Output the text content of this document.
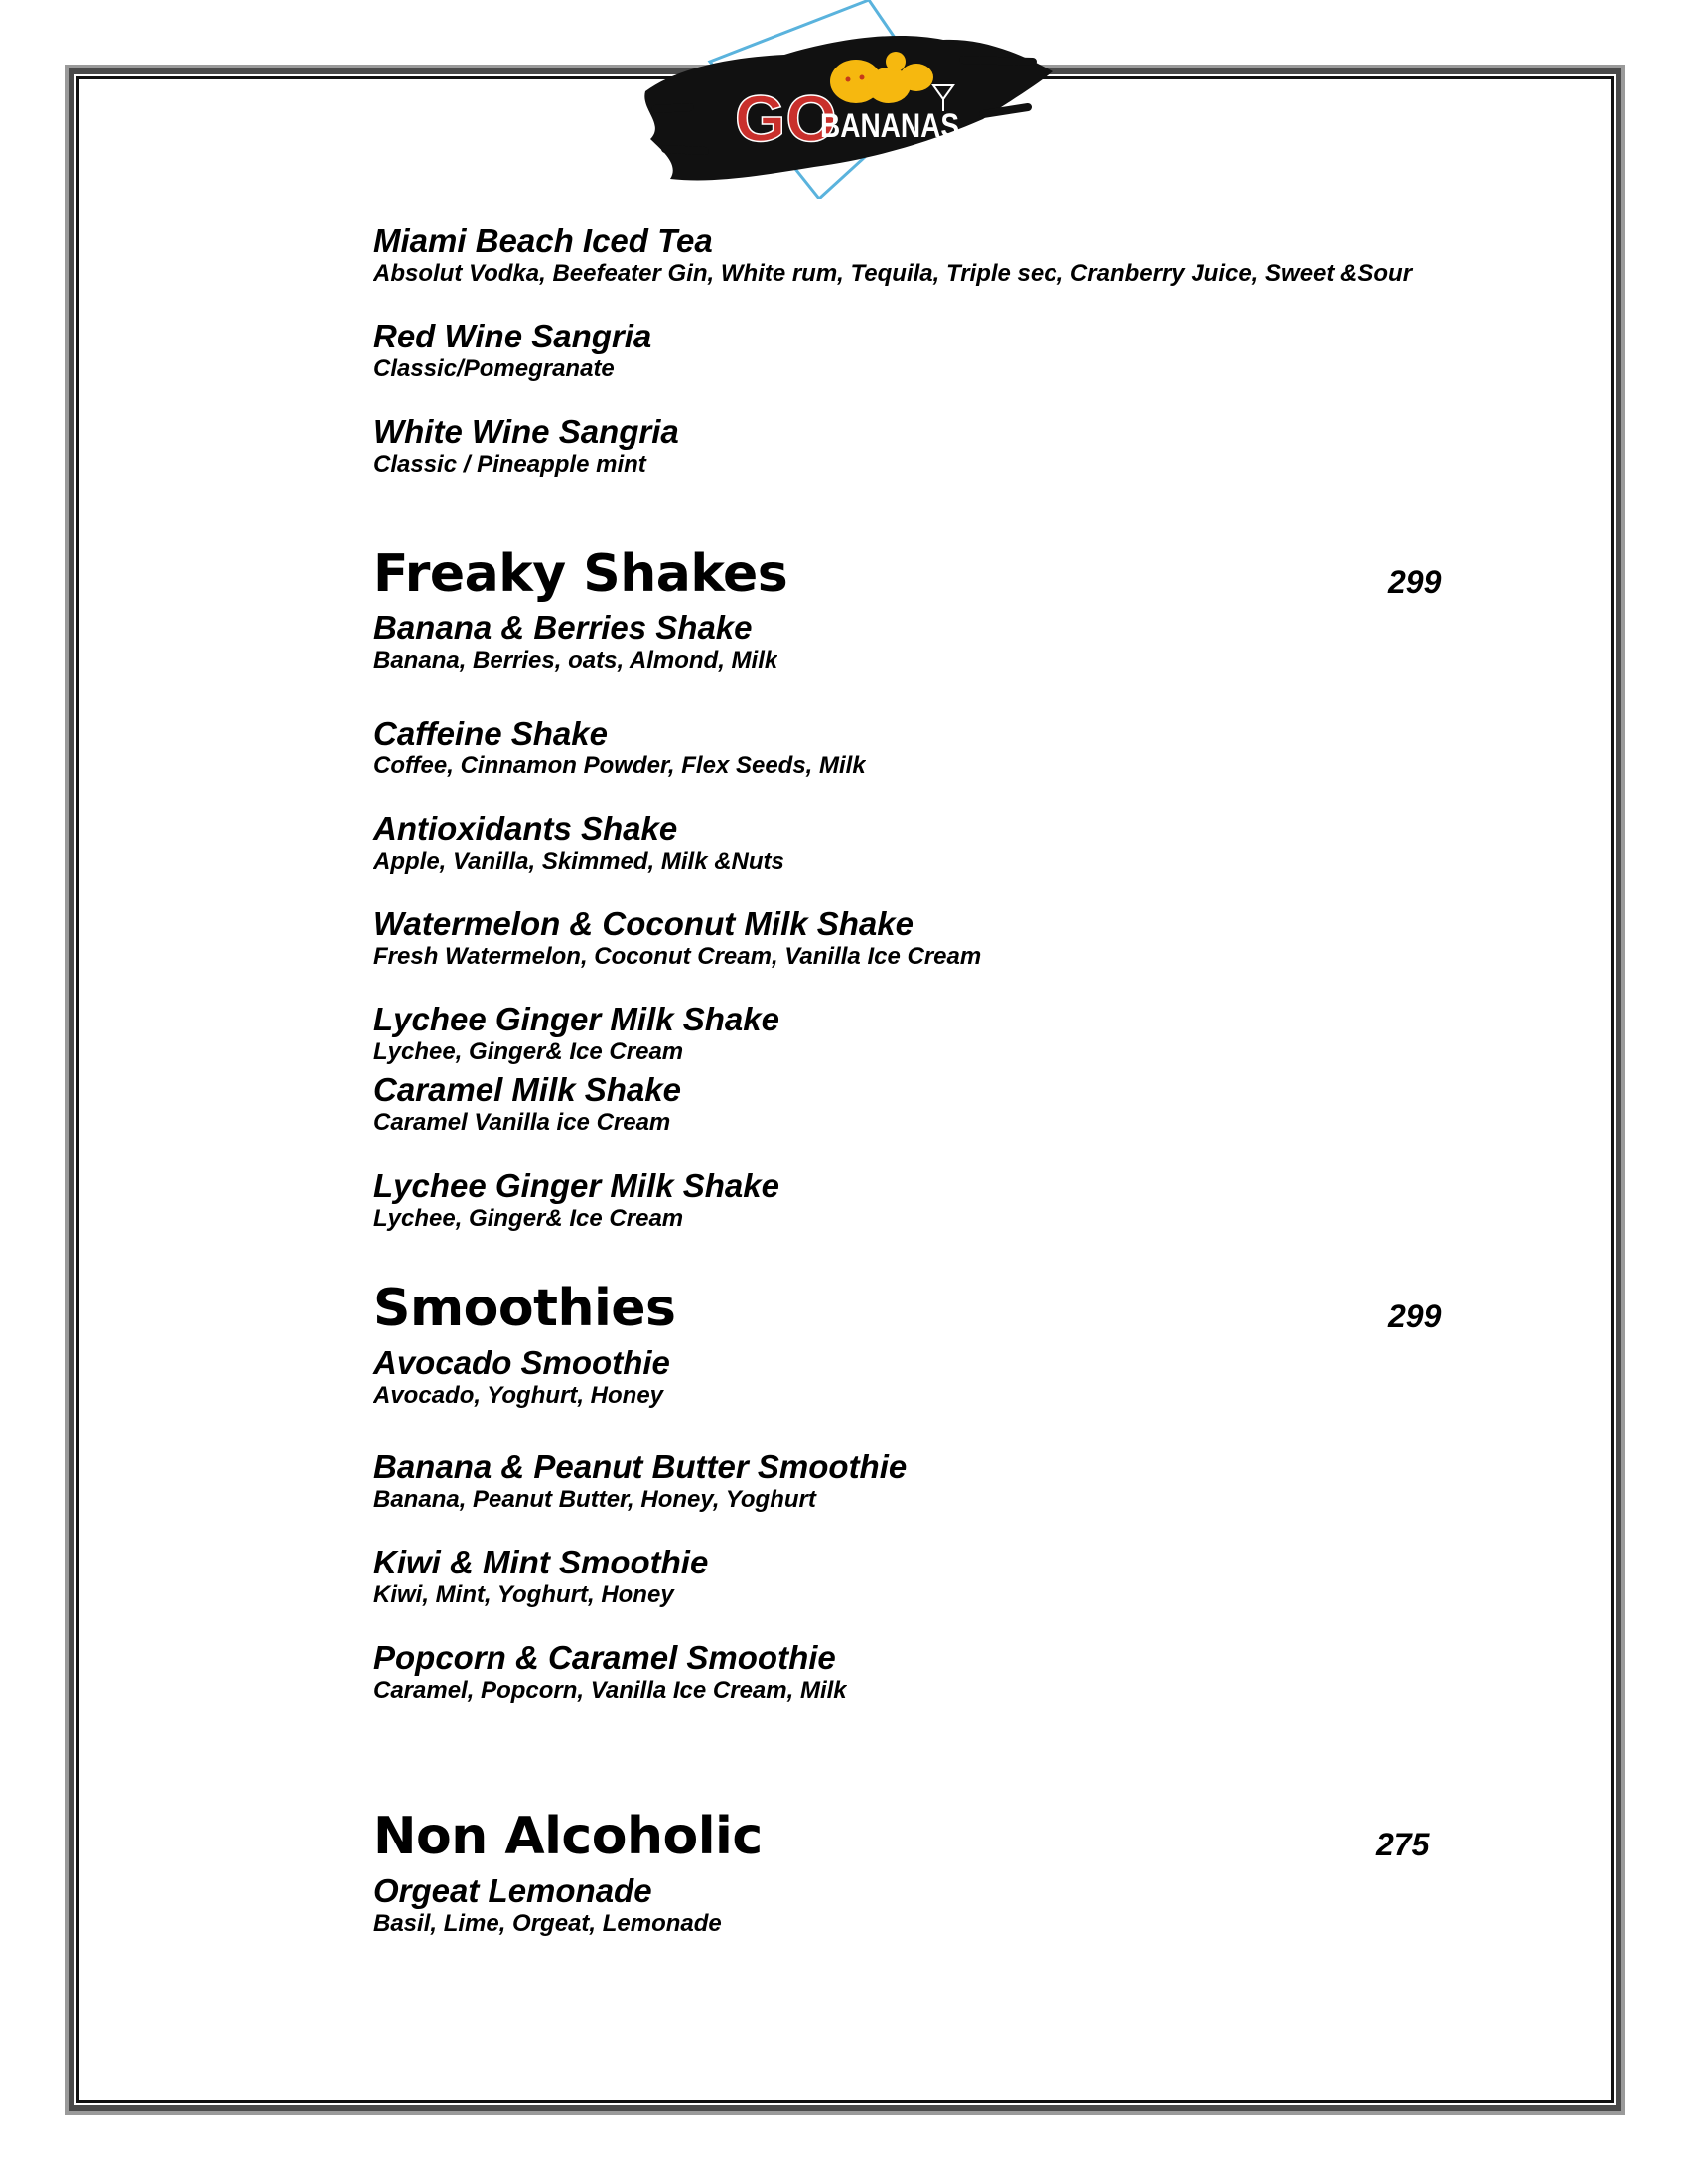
GO
BANANAS
Miami Beach Iced Tea
Absolut Vodka, Beefeater Gin, White rum, Tequila, Triple sec, Cranberry Juice, Sweet &Sour
Red Wine Sangria
Classic/Pomegranate
White Wine Sangria
Classic / Pineapple mint
Freaky Shakes	299
Banana & Berries Shake
Banana, Berries, oats, Almond, Milk
Caffeine Shake
Coffee, Cinnamon Powder, Flex Seeds, Milk
Antioxidants Shake
Apple, Vanilla, Skimmed, Milk &Nuts
Watermelon & Coconut Milk Shake
Fresh Watermelon, Coconut Cream, Vanilla Ice Cream
Lychee Ginger Milk Shake
Lychee, Ginger& Ice Cream
Caramel Milk Shake
Caramel Vanilla ice Cream
Lychee Ginger Milk Shake
Lychee, Ginger& Ice Cream
Smoothies	299
Avocado Smoothie
Avocado, Yoghurt, Honey
Banana & Peanut Butter Smoothie
Banana, Peanut Butter, Honey, Yoghurt
Kiwi & Mint Smoothie
Kiwi, Mint, Yoghurt, Honey
Popcorn & Caramel Smoothie
Caramel, Popcorn, Vanilla Ice Cream, Milk
Non Alcoholic	275
Orgeat Lemonade
Basil, Lime, Orgeat, Lemonade
